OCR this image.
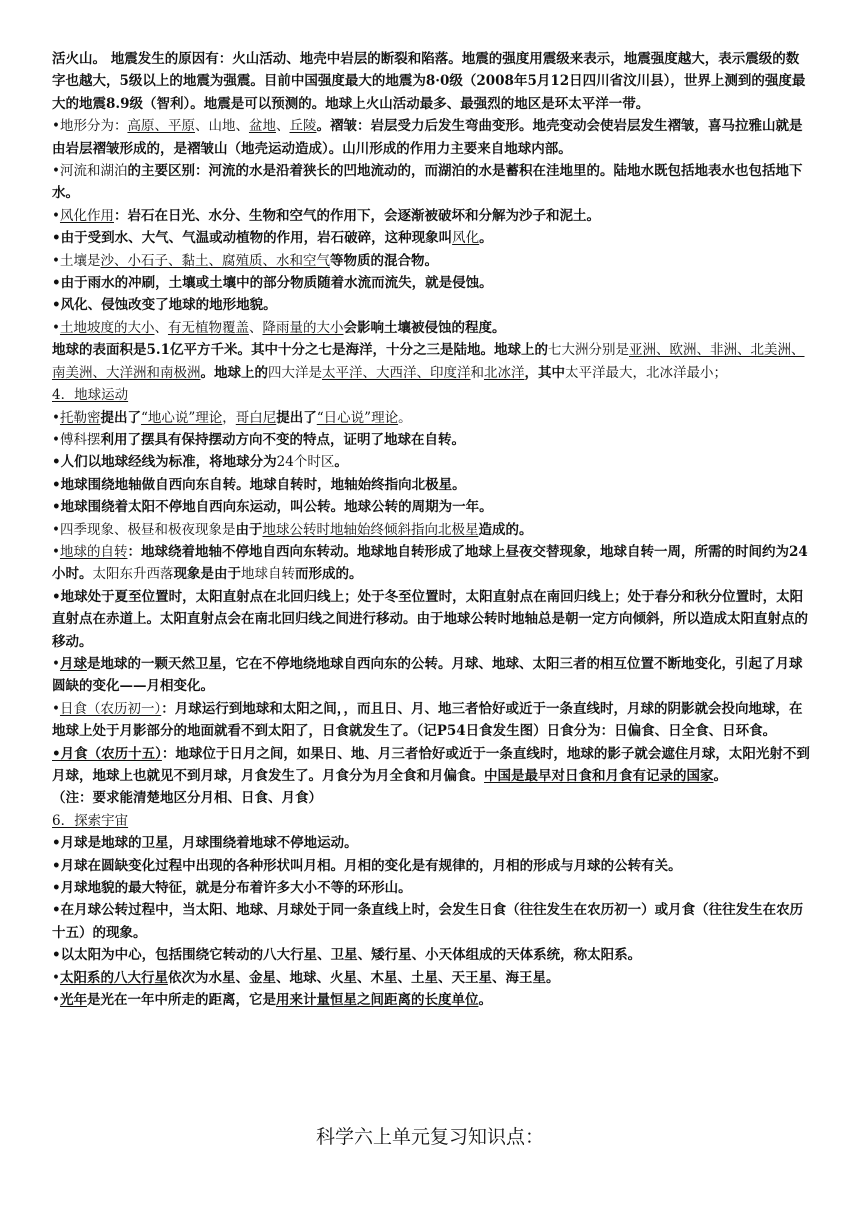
活火山。 地震发生的原因有：火山活动、地壳中岩层的断裂和陷落。地震的强度用震级来表示，地震强度越大，表示震级的数字也越大，5级以上的地震为强震。目前中国强度最大的地震为8·0级（2008年5月12日四川省汶川县），世界上测到的强度最大的地震8.9级（智利）。地震是可以预测的。地球上火山活动最多、最强烈的地区是环太平洋一带。

•地形分为：高原、平原、山地、盆地、丘陵。褶皱：岩层受力后发生弯曲变形。地壳变动会使岩层发生褶皱，喜马拉雅山就是由岩层褶皱形成的，是褶皱山（地壳运动造成）。山川形成的作用力主要来自地球内部。

•河流和湖泊的主要区别：河流的水是沿着狭长的凹地流动的，而湖泊的水是蓄积在洼地里的。陆地水既包括地表水也包括地下水。

•风化作用：岩石在日光、水分、生物和空气的作用下，会逐渐被破坏和分解为沙子和泥土。

•由于受到水、大气、气温或动植物的作用，岩石破碎，这种现象叫风化。

•土壤是沙、小石子、黏土、腐殖质、水和空气等物质的混合物。

•由于雨水的冲刷，土壤或土壤中的部分物质随着水流而流失，就是侵蚀。

•风化、侵蚀改变了地球的地形地貌。

•土地坡度的大小、有无植物覆盖、降雨量的大小会影响土壤被侵蚀的程度。

地球的表面积是5.1亿平方千米。其中十分之七是海洋，十分之三是陆地。地球上的七大洲分别是亚洲、欧洲、非洲、北美洲、南美洲、大洋洲和南极洲。地球上的四大洋是太平洋、大西洋、印度洋和北冰洋，其中太平洋最大，北冰洋最小；

4．地球运动

•托勒密提出了“地心说”理论，哥白尼提出了“日心说”理论。

•傅科摆利用了摆具有保持摆动方向不变的特点，证明了地球在自转。

•人们以地球经线为标准，将地球分为24个时区。

•地球围绕地轴做自西向东自转。地球自转时，地轴始终指向北极星。

•地球围绕着太阳不停地自西向东运动，叫公转。地球公转的周期为一年。

•四季现象、极昼和极夜现象是由于地球公转时地轴始终倾斜指向北极星造成的。

•地球的自转：地球绕着地轴不停地自西向东转动。地球地自转形成了地球上昼夜交替现象，地球自转一周，所需的时间约为24小时。太阳东升西落现象是由于地球自转而形成的。

•地球处于夏至位置时，太阳直射点在北回归线上；处于冬至位置时，太阳直射点在南回归线上；处于春分和秋分位置时，太阳直射点在赤道上。太阳直射点会在南北回归线之间进行移动。由于地球公转时地轴总是朝一定方向倾斜，所以造成太阳直射点的移动。

•月球是地球的一颗天然卫星，它在不停地绕地球自西向东的公转。月球、地球、太阳三者的相互位置不断地变化，引起了月球圆缺的变化——月相变化。

•日食（农历初一）：月球运行到地球和太阳之间，，而且日、月、地三者恰好或近于一条直线时，月球的阴影就会投向地球，在地球上处于月影部分的地面就看不到太阳了，日食就发生了。（记P54日食发生图）日食分为：日偏食、日全食、日环食。

•月食（农历十五）：地球位于日月之间，如果日、地、月三者恰好或近于一条直线时，地球的影子就会遮住月球，太阳光射不到月球，地球上也就见不到月球，月食发生了。月食分为月全食和月偏食。中国是最早对日食和月食有记录的国家。

（注：要求能清楚地区分月相、日食、月食）

6．探索宇宙

•月球是地球的卫星，月球围绕着地球不停地运动。

•月球在圆缺变化过程中出现的各种形状叫月相。月相的变化是有规律的，月相的形成与月球的公转有关。

•月球地貌的最大特征，就是分布着许多大小不等的环形山。

•在月球公转过程中，当太阳、地球、月球处于同一条直线上时，会发生日食（往往发生在农历初一）或月食（往往发生在农历十五）的现象。

•以太阳为中心，包括围绕它转动的八大行星、卫星、矮行星、小天体组成的天体系统，称太阳系。

•太阳系的八大行星依次为水星、金星、地球、火星、木星、土星、天王星、海王星。

•光年是光在一年中所走的距离，它是用来计量恒星之间距离的长度单位。

科学六上单元复习知识点：
